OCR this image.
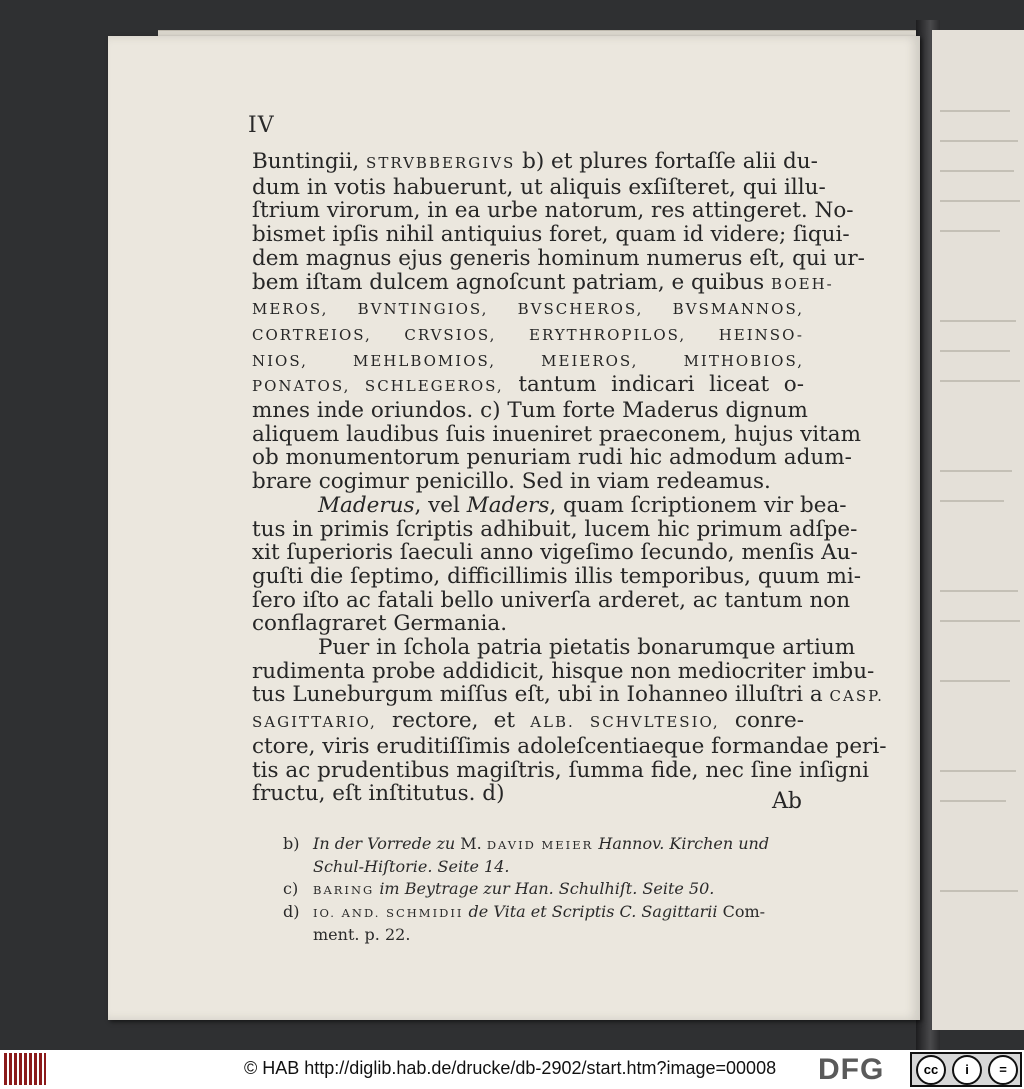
IV
Buntingii, STRVBBERGIVS b) et plures fortaſſe alii du-
dum in votis habuerunt, ut aliquis exſiſteret, qui illu-
ſtrium virorum, in ea urbe natorum, res attingeret. No-
bismet ipſis nihil antiquius foret, quam id videre; ſiqui-
dem magnus ejus generis hominum numerus eſt, qui ur-
bem iſtam dulcem agnoſcunt patriam, e quibus BOEH-
MEROS, BVNTINGIOS, BVSCHEROS, BVSMANNOS,
CORTREIOS, CRVSIOS, ERYTHROPILOS, HEINSO-
NIOS, MEHLBOMIOS, MEIEROS, MITHOBIOS,
PONATOS, SCHLEGEROS, tantum indicari liceat o-
mnes inde oriundos. c) Tum forte Maderus dignum
aliquem laudibus ſuis inueniret praeconem, hujus vitam
ob monumentorum penuriam rudi hic admodum adum-
brare cogimur penicillo. Sed in viam redeamus.
Maderus, vel Maders, quam ſcriptionem vir bea-
tus in primis ſcriptis adhibuit, lucem hic primum adſpe-
xit ſuperioris ſaeculi anno vigeſimo ſecundo, menſis Au-
guſti die ſeptimo, difficillimis illis temporibus, quum mi-
ſero iſto ac fatali bello univerſa arderet, ac tantum non
conflagraret Germania.
Puer in ſchola patria pietatis bonarumque artium
rudimenta probe addidicit, hisque non mediocriter imbu-
tus Luneburgum miſſus eſt, ubi in Iohanneo illuſtri a CASP.
SAGITTARIO, rectore, et ALB. SCHVLTESIO, conre-
ctore, viris eruditiſſimis adoleſcentiaeque formandae peri-
tis ac prudentibus magiſtris, ſumma fide, nec ſine inſigni
fructu, eſt inſtitutus. d)	Ab
b) In der Vorrede zu M. DAVID MEIER Hannov. Kirchen und
Schul-Hiſtorie. Seite 14.
c) BARING im Beytrage zur Han. Schulhiſt. Seite 50.
d) IO. AND. SCHMIDII de Vita et Scriptis C. Sagittarii Com-
ment. p. 22.
© HAB http://diglib.hab.de/drucke/db-2902/start.htm?image=00008 DFG	cc	i	=
